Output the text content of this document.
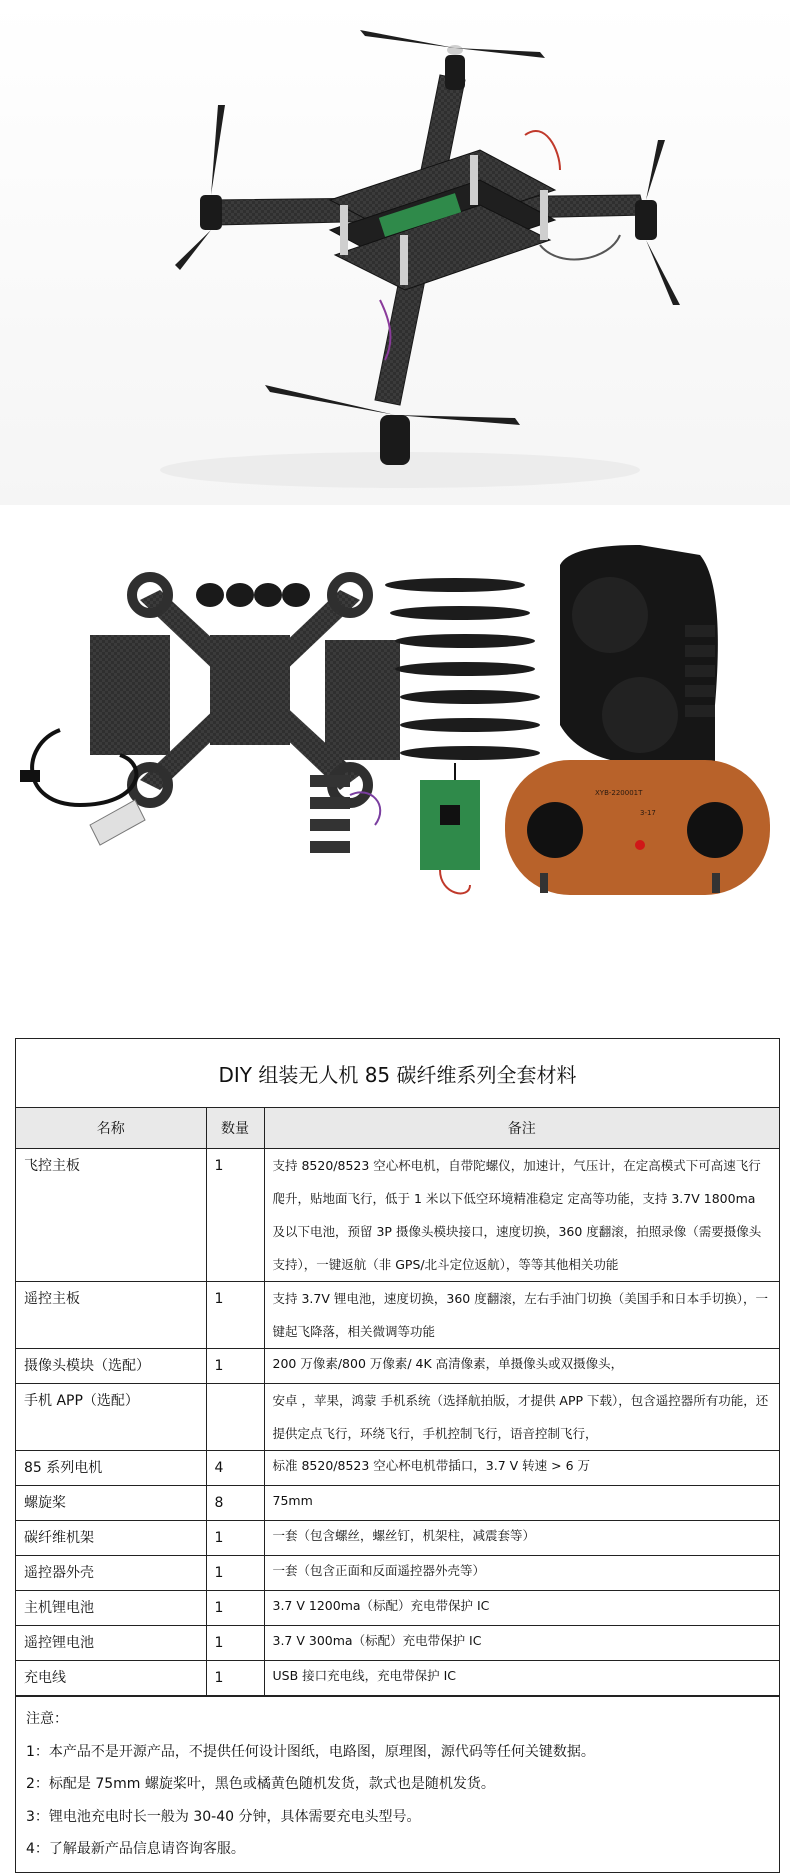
XYB-220001T
3-17
DIY 组装无人机 85 碳纤维系列全套材料
名称	数量	备注
飞控主板	1	支持 8520/8523 空心杯电机，自带陀螺仪，加速计，气压计，在定高模式下可高速飞行爬升，贴地面飞行，低于 1 米以下低空环境精准稳定 定高等功能，支持 3.7V 1800ma 及以下电池，预留 3P 摄像头模块接口，速度切换，360 度翻滚，拍照录像（需要摄像头支持），一键返航（非 GPS/北斗定位返航），等等其他相关功能
遥控主板	1	支持 3.7V 锂电池，速度切换，360 度翻滚，左右手油门切换（美国手和日本手切换），一键起飞降落，相关微调等功能
摄像头模块（选配）	1	200 万像素/800 万像素/ 4K 高清像素，单摄像头或双摄像头，
手机 APP（选配）		安卓 ，苹果，鸿蒙 手机系统（选择航拍版，才提供 APP 下载），包含遥控器所有功能，还提供定点飞行，环绕飞行，手机控制飞行，语音控制飞行，
85 系列电机	4	标准 8520/8523 空心杯电机带插口，3.7 V 转速 > 6 万
螺旋桨	8	75mm
碳纤维机架	1	一套（包含螺丝，螺丝钉，机架柱，减震套等）
遥控器外壳	1	一套（包含正面和反面遥控器外壳等）
主机锂电池	1	3.7 V 1200ma（标配）充电带保护 IC
遥控锂电池	1	3.7 V 300ma（标配）充电带保护 IC
充电线	1	USB 接口充电线，充电带保护 IC
注意：
1：本产品不是开源产品，不提供任何设计图纸，电路图，原理图，源代码等任何关键数据。
2：标配是 75mm 螺旋桨叶，黑色或橘黄色随机发货，款式也是随机发货。
3：锂电池充电时长一般为 30-40 分钟，具体需要充电头型号。
4：了解最新产品信息请咨询客服。
